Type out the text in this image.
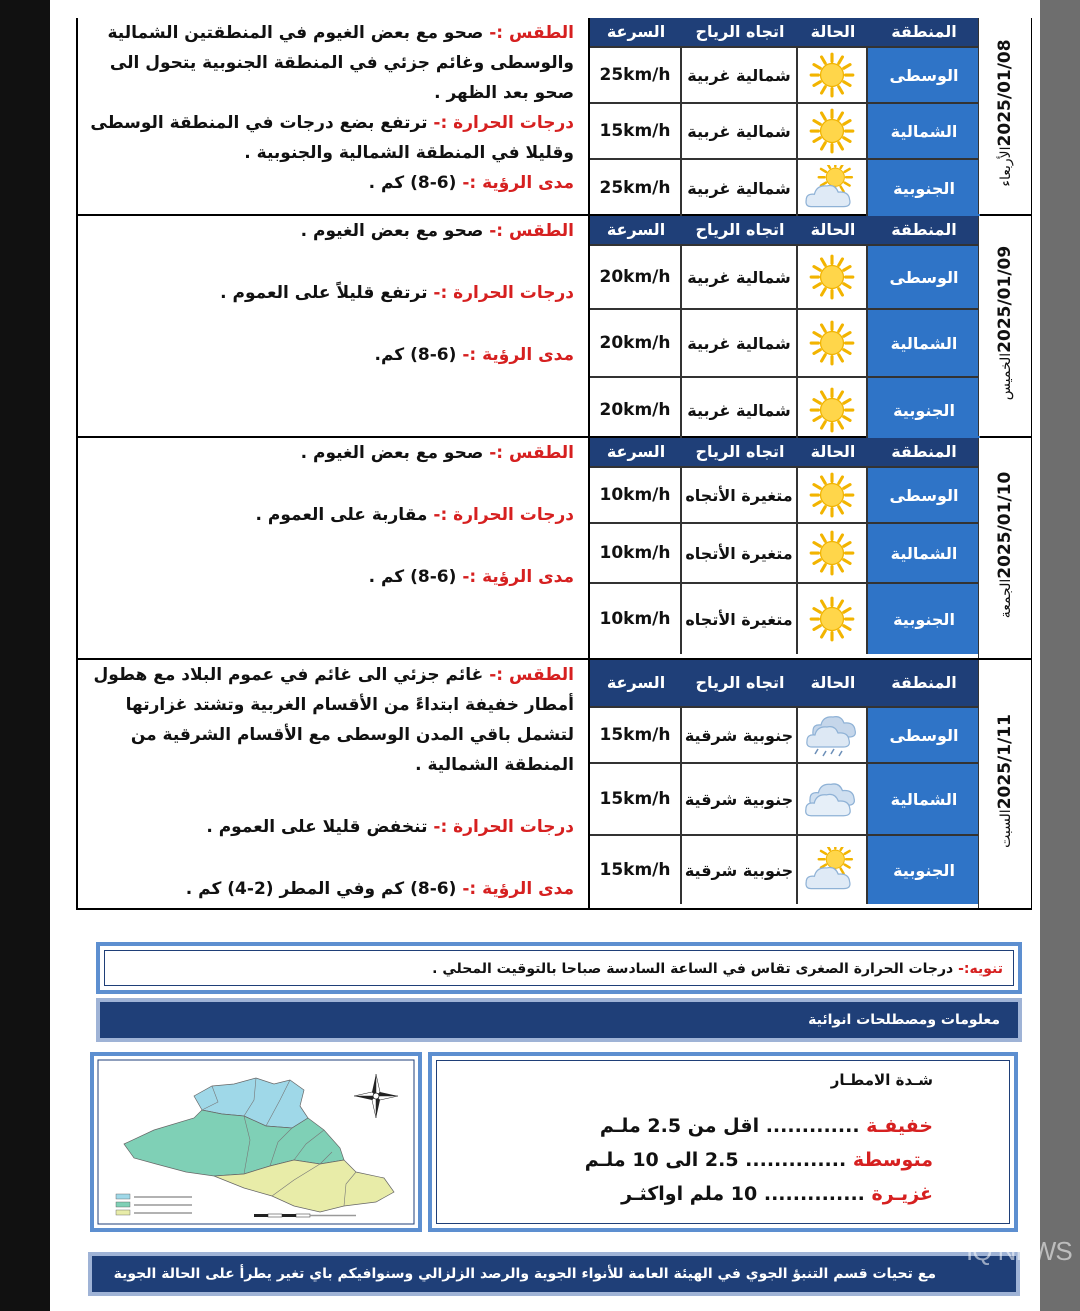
الطقس :- صحو مع بعض الغيوم في المنطقتين الشمالية والوسطى وغائم جزئي في المنطقة الجنوبية يتحول الى صحو بعد الظهر .

درجات الحرارة :- ترتفع بضع درجات في المنطقة الوسطى وقليلا في المنطقة الشمالية والجنوبية .

مدى الرؤية :- (6-8) كم .

السرعة	اتجاه الرياح	الحالة	المنطقة
25km/h	شمالية غربية	الوسطى
15km/h	شمالية غربية	الشمالية
25km/h	شمالية غربية	الجنوبية
2025/01/08الأربعاء

الطقس :- صحو مع بعض الغيوم .

درجات الحرارة :- ترتفع قليلاً على العموم .

مدى الرؤية :- (6-8) كم.

السرعة	اتجاه الرياح	الحالة	المنطقة
20km/h	شمالية غربية	الوسطى
20km/h	شمالية غربية	الشمالية
20km/h	شمالية غربية	الجنوبية
2025/01/09الخميس

الطقس :- صحو مع بعض الغيوم .

درجات الحرارة :- مقاربة على العموم .

مدى الرؤية :- (6-8) كم .

السرعة	اتجاه الرياح	الحالة	المنطقة
10km/h متغيرة الأتجاه	الوسطى
10km/h متغيرة الأتجاه	الشمالية
10km/h متغيرة الأتجاه	الجنوبية
2025/01/10الجمعة

الطقس :- غائم جزئي الى غائم في عموم البلاد مع هطول أمطار خفيفة ابتداءً من الأقسام الغربية وتشتد غزارتها لتشمل باقي المدن الوسطى مع الأقسام الشرقية من المنطقة الشمالية .

درجات الحرارة :- تنخفض قليلا على العموم .

مدى الرؤية :- (6-8) كم وفي المطر (2-4) كم .

السرعة	اتجاه الرياح	الحالة	المنطقة
15km/h جنوبية شرقية	الوسطى
15km/h جنوبية شرقية	الشمالية
15km/h جنوبية شرقية	الجنوبية
2025/1/11السبت
تنويه:- درجات الحرارة الصغرى تقاس في الساعة السادسة صباحا بالتوقيت المحلي .
معلومات ومصطلحات انوائية
شـدة الامطـار
خفيفـة ............. اقل من 2.5 ملـم
متوسطة .............. 2.5 الى 10 ملـم
غزيـرة .............. 10 ملم اواكثـر
مع تحيات قسم التنبؤ الجوي في الهيئة العامة للأنواء الجوية والرصد الزلزالي وسنوافيكم باي تغير يطرأ على الحالة الجوية
IQ NEWS
